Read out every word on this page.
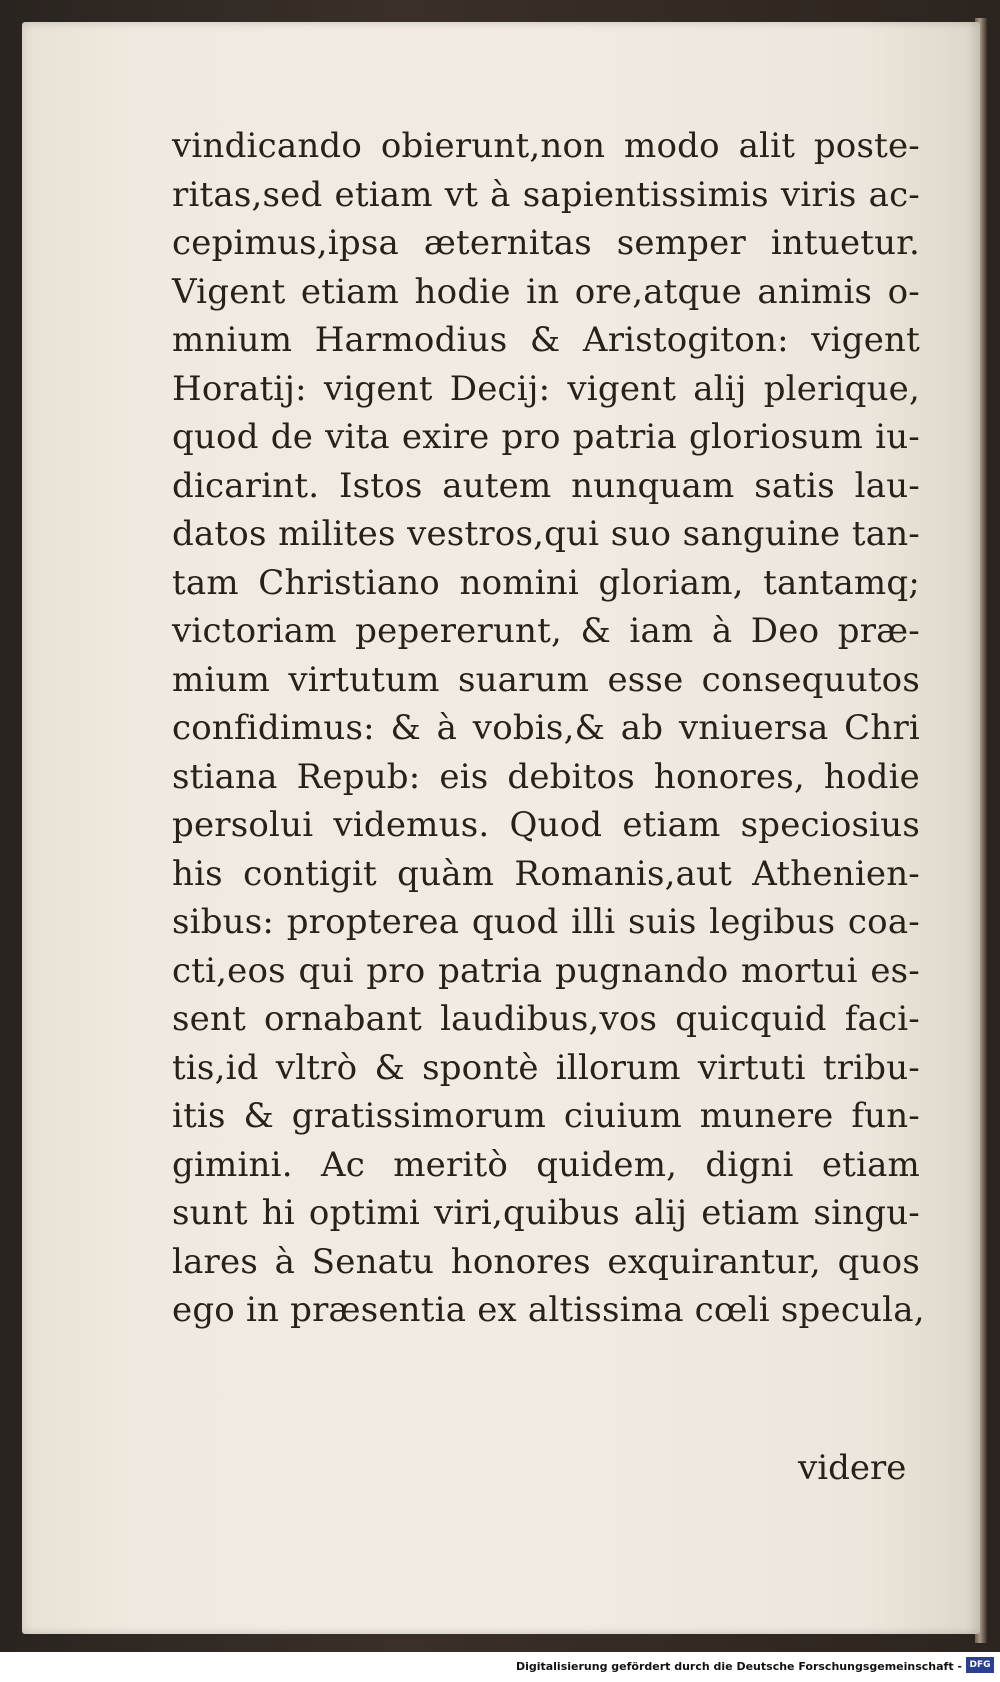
vindicando obierunt,non modo alit poste-
ritas,sed etiam vt à sapientissimis viris ac-
cepimus,ipsa æternitas semper intuetur.
Vigent etiam hodie in ore,atque animis o-
mnium Harmodius & Aristogiton: vigent
Horatij: vigent Decij: vigent alij plerique,
quod de vita exire pro patria gloriosum iu-
dicarint. Istos autem nunquam satis lau-
datos milites vestros,qui suo sanguine tan-
tam Christiano nomini gloriam, tantamq;
victoriam pepererunt, & iam à Deo præ-
mium virtutum suarum esse consequutos
confidimus: & à vobis,& ab vniuersa Chri
stiana Repub: eis debitos honores, hodie
persolui videmus. Quod etiam speciosius
his contigit quàm Romanis,aut Athenien-
sibus: propterea quod illi suis legibus coa-
cti,eos qui pro patria pugnando mortui es-
sent ornabant laudibus,vos quicquid faci-
tis,id vltrò & spontè illorum virtuti tribu-
itis & gratissimorum ciuium munere fun-
gimini. Ac meritò quidem, digni etiam
sunt hi optimi viri,quibus alij etiam singu-
lares à Senatu honores exquirantur, quos
ego in præsentia ex altissima cœli specula,
videre
Digitalisierung gefördert durch die Deutsche Forschungsgemeinschaft - DFG
